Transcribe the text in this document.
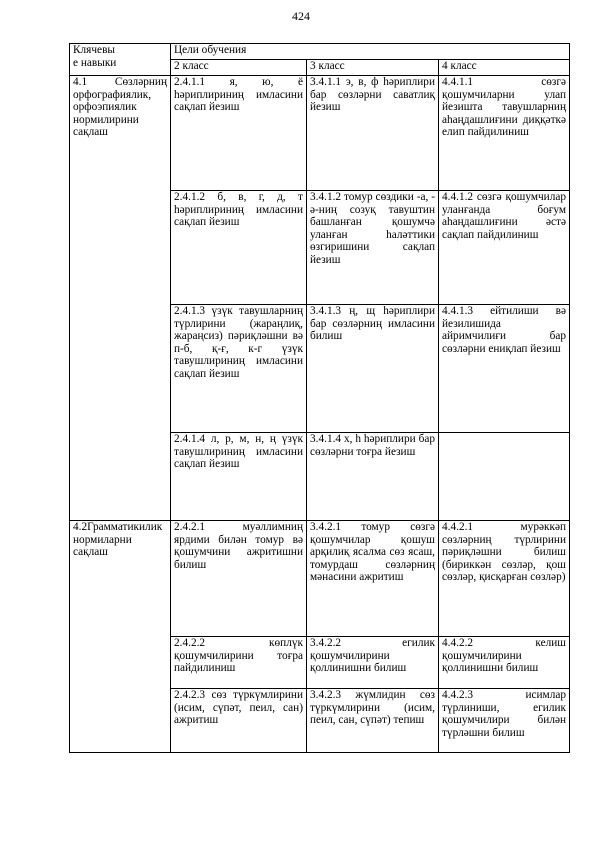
424
Клячевы
е навыки	Цели обучения		
	2 класс	3 класс	4 класс
4.1 Сөзләрниң орфографиялик, орфоэпиялик нормилирини сақлаш	2.4.1.1 я, ю, ё һәриплириниң имласини сақлап йезиш	3.4.1.1 э, в, ф һәриплири бар сөзләрни саватлиқ йезиш	4.4.1.1 сөзгә қошумчиларни улап йезишта тавушларниң аһаңдашлиғини диққәткә елип пайдилиниш
	2.4.1.2 б, в, г, д, т һәриплириниң имласини сақлап йезиш	3.4.1.2 томур сөздики -а, - ә-ниң созуқ тавуштин башланған қошумчә уланған һаләттики өзгиришини сақлап йезиш	4.4.1.2 сөзгә қошумчилар уланғанда боғум аһаңдашлиғини әстә сақлап пайдилиниш
	2.4.1.3 үзүк тавушларниң түрлирини (жараңлиқ, жараңсиз) пәриқләшни вә п-б, қ-ғ, к-г үзүк тавушлириниң имласини сақлап йезиш	3.4.1.3 ң, щ һәриплири бар сөзләрниң имласини билиш	4.4.1.3 ейтилиши вә йезилишида айримчилиғи бар сөзләрни ениқлап йезиш
	2.4.1.4 л, р, м, н, ң үзүк тавушлириниң имласини сақлап йезиш	3.4.1.4 х, һ һәриплири бар сөзләрни тоғра йезиш	
4.2Грамматикилик нормиларни сақлаш	2.4.2.1 муәллимниң ярдими билән томур вә қошумчини ажритишни билиш	3.4.2.1 томур сөзгә қошумчилар қошуш арқилиқ ясалма сөз ясаш, томурдаш сөзләрниң мәнасини ажритиш	4.4.2.1 мурәккәп сөзләрниң түрлирини пәриқләшни билиш (бириккән сөзләр, қош сөзләр, қисқарған сөзләр)
	2.4.2.2 көплүк қошумчилирини тоғра пайдилиниш	3.4.2.2 егилик қошумчилирини қоллинишни билиш	4.4.2.2 келиш қошумчилирини қоллинишни билиш
	2.4.2.3 сөз түркүмлирини (исим, сүпәт, пеил, сан) ажритиш	3.4.2.3 жүмлидин сөз түркүмлирини (исим, пеил, сан, сүпәт) тепиш	4.4.2.3 исимлар түрлиниши, егилик қошумчилири билән түрләшни билиш
